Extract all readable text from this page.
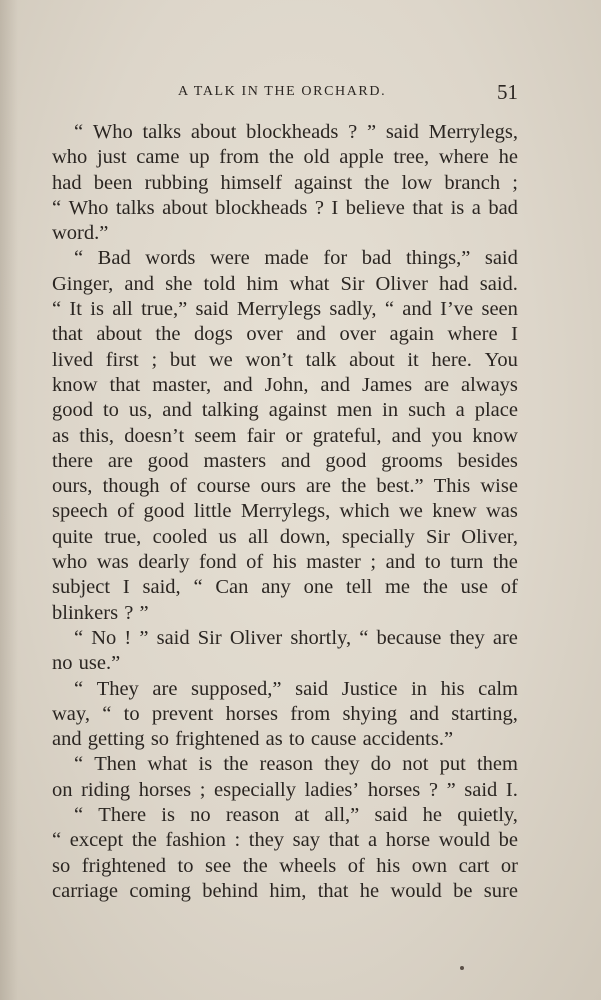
A TALK IN THE ORCHARD.	51
“ Who talks about blockheads ? ” said Merrylegs,
who just came up from the old apple tree, where he
had been rubbing himself against the low branch ;
“ Who talks about blockheads ? I believe that is a bad
word.”
“ Bad words were made for bad things,” said
Ginger, and she told him what Sir Oliver had said.
“ It is all true,” said Merrylegs sadly, “ and I’ve seen
that about the dogs over and over again where I
lived first ; but we won’t talk about it here. You
know that master, and John, and James are always
good to us, and talking against men in such a place
as this, doesn’t seem fair or grateful, and you know
there are good masters and good grooms besides
ours, though of course ours are the best.” This wise
speech of good little Merrylegs, which we knew was
quite true, cooled us all down, specially Sir Oliver,
who was dearly fond of his master ; and to turn the
subject I said, “ Can any one tell me the use of
blinkers ? ”
“ No ! ” said Sir Oliver shortly, “ because they are
no use.”
“ They are supposed,” said Justice in his calm
way, “ to prevent horses from shying and starting,
and getting so frightened as to cause accidents.”
“ Then what is the reason they do not put them
on riding horses ; especially ladies’ horses ? ” said I.
“ There is no reason at all,” said he quietly,
“ except the fashion : they say that a horse would be
so frightened to see the wheels of his own cart or
carriage coming behind him, that he would be sure
